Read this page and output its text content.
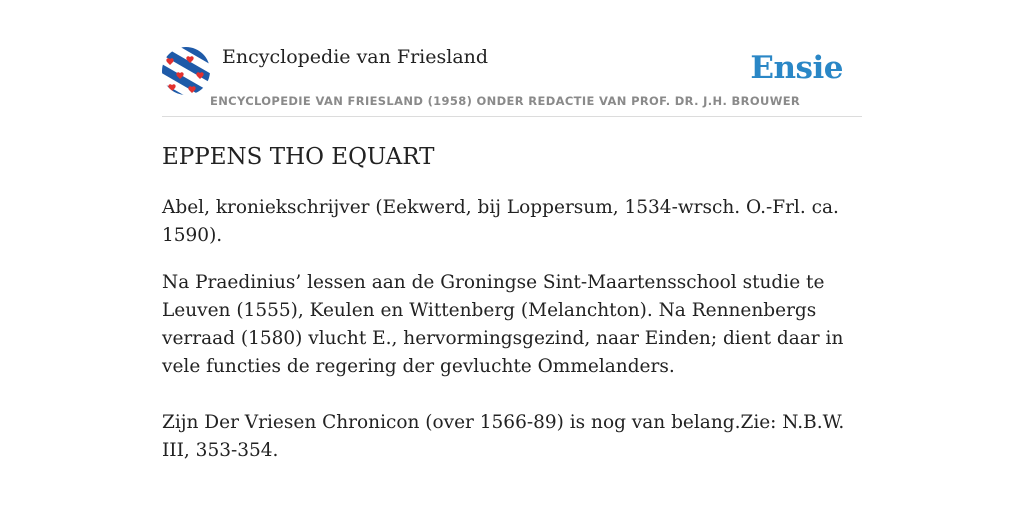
Encyclopedie van Friesland	Ensie
ENCYCLOPEDIE VAN FRIESLAND (1958) ONDER REDACTIE VAN PROF. DR. J.H. BROUWER
EPPENS THO EQUART

Abel, kroniekschrijver (Eekwerd, bij Loppersum, 1534-wrsch. O.-Frl. ca. 1590).

Na Praedinius’ lessen aan de Groningse Sint-Maartensschool studie te Leuven (1555), Keulen en Wittenberg (Melanchton). Na Rennenbergs verraad (1580) vlucht E., hervormingsgezind, naar Einden; dient daar in vele functies de regering der gevluchte Ommelanders.

Zijn Der Vriesen Chronicon (over 1566-89) is nog van belang.Zie: N.B.W. III, 353-354.
